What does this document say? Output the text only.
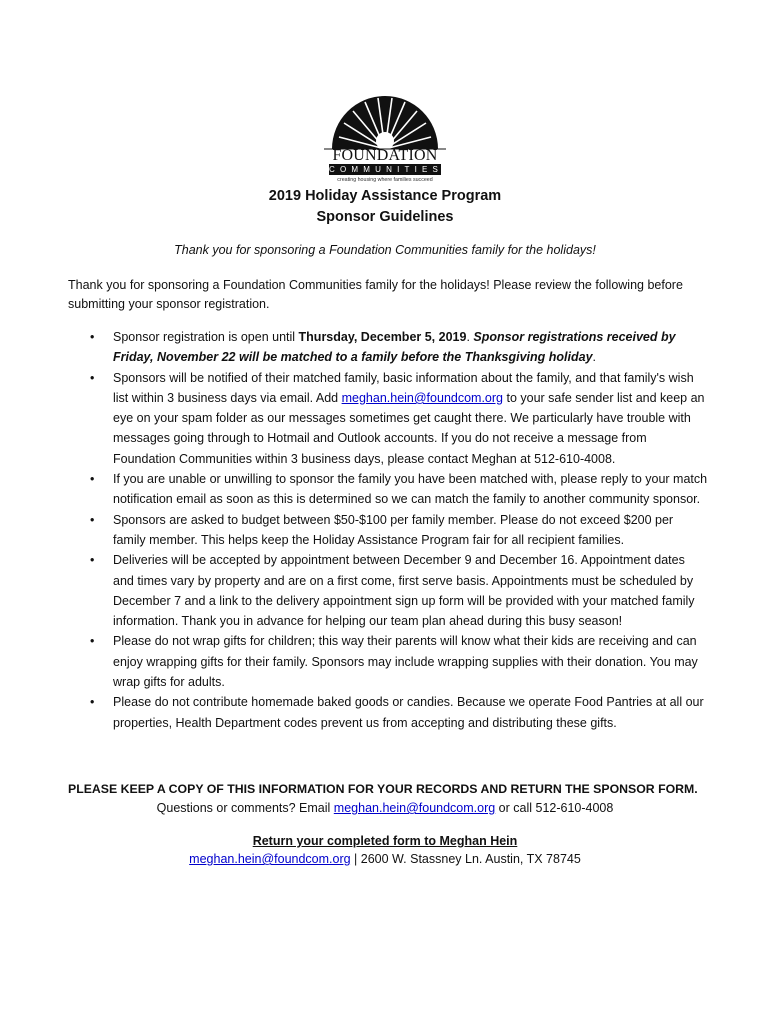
FOUNDATION
COMMUNITIES
creating housing where families succeed
2019 Holiday Assistance Program
Sponsor Guidelines
Thank you for sponsoring a Foundation Communities family for the holidays!
Thank you for sponsoring a Foundation Communities family for the holidays! Please review the following before submitting your sponsor registration.
• Sponsor registration is open until Thursday, December 5, 2019. Sponsor registrations received by Friday, November 22 will be matched to a family before the Thanksgiving holiday.
• Sponsors will be notified of their matched family, basic information about the family, and that family's wish list within 3 business days via email. Add meghan.hein@foundcom.org to your safe sender list and keep an eye on your spam folder as our messages sometimes get caught there. We particularly have trouble with messages going through to Hotmail and Outlook accounts. If you do not receive a message from Foundation Communities within 3 business days, please contact Meghan at 512-610-4008.
• If you are unable or unwilling to sponsor the family you have been matched with, please reply to your match notification email as soon as this is determined so we can match the family to another community sponsor.
• Sponsors are asked to budget between $50-$100 per family member. Please do not exceed $200 per family member. This helps keep the Holiday Assistance Program fair for all recipient families.
• Deliveries will be accepted by appointment between December 9 and December 16. Appointment dates and times vary by property and are on a first come, first serve basis. Appointments must be scheduled by December 7 and a link to the delivery appointment sign up form will be provided with your matched family information. Thank you in advance for helping our team plan ahead during this busy season!
• Please do not wrap gifts for children; this way their parents will know what their kids are receiving and can enjoy wrapping gifts for their family. Sponsors may include wrapping supplies with their donation. You may wrap gifts for adults.
• Please do not contribute homemade baked goods or candies. Because we operate Food Pantries at all our properties, Health Department codes prevent us from accepting and distributing these gifts.
PLEASE KEEP A COPY OF THIS INFORMATION FOR YOUR RECORDS AND RETURN THE SPONSOR FORM.
Questions or comments? Email meghan.hein@foundcom.org or call 512-610-4008
Return your completed form to Meghan Hein
meghan.hein@foundcom.org | 2600 W. Stassney Ln. Austin, TX 78745
